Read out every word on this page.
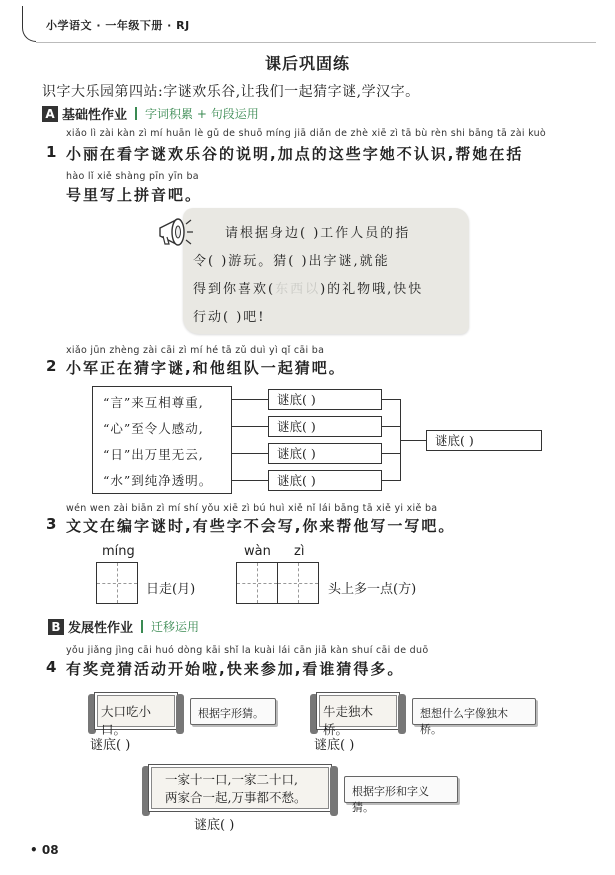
小学语文 · 一年级下册 · RJ
课后巩固练
识字大乐园第四站:字谜欢乐谷,让我们一起猜字谜,学汉字。
A 基础性作业 字词积累 + 句段运用
xiǎo lì zài kàn zì mí huān lè gǔ de shuō míng jiā diǎn de zhè xiē zì tā bù rèn shi bāng tā zài kuò
1 小丽在看字谜欢乐谷的说明,加点的这些字她不认识,帮她在括
hào lǐ xiě shàng pīn yīn ba
号里写上拼音吧。
请根据身边( )工作人员的指
令( )游玩。猜( )出字谜,就能
得到你喜欢(东西以)的礼物哦,快快
行动( )吧!
xiǎo jūn zhèng zài cāi zì mí hé tā zǔ duì yì qǐ cāi ba
2 小军正在猜字谜,和他组队一起猜吧。
“言”来互相尊重,
“心”至令人感动,
“日”出万里无云,
“水”到纯净透明。
谜底( )
谜底( )
谜底( )
谜底( )
谜底( )
wén wen zài biān zì mí shí yǒu xiē zì bú huì xiě nǐ lái bāng tā xiě yi xiě ba
3 文文在编字谜时,有些字不会写,你来帮他写一写吧。
míng
日走(月)
wàn zì
头上多一点(方)
B 发展性作业 迁移运用
yǒu jiǎng jìng cāi huó dòng kāi shǐ la kuài lái cān jiā kàn shuí cāi de duō
4 有奖竞猜活动开始啦,快来参加,看谁猜得多。
大口吃小口。
根据字形猜。
谜底( )
牛走独木桥。
想想什么字像独木桥。
谜底( )
一家十一口,一家二十口,
两家合一起,万事都不愁。	根据字形和字义猜。
谜底( )
• 08
